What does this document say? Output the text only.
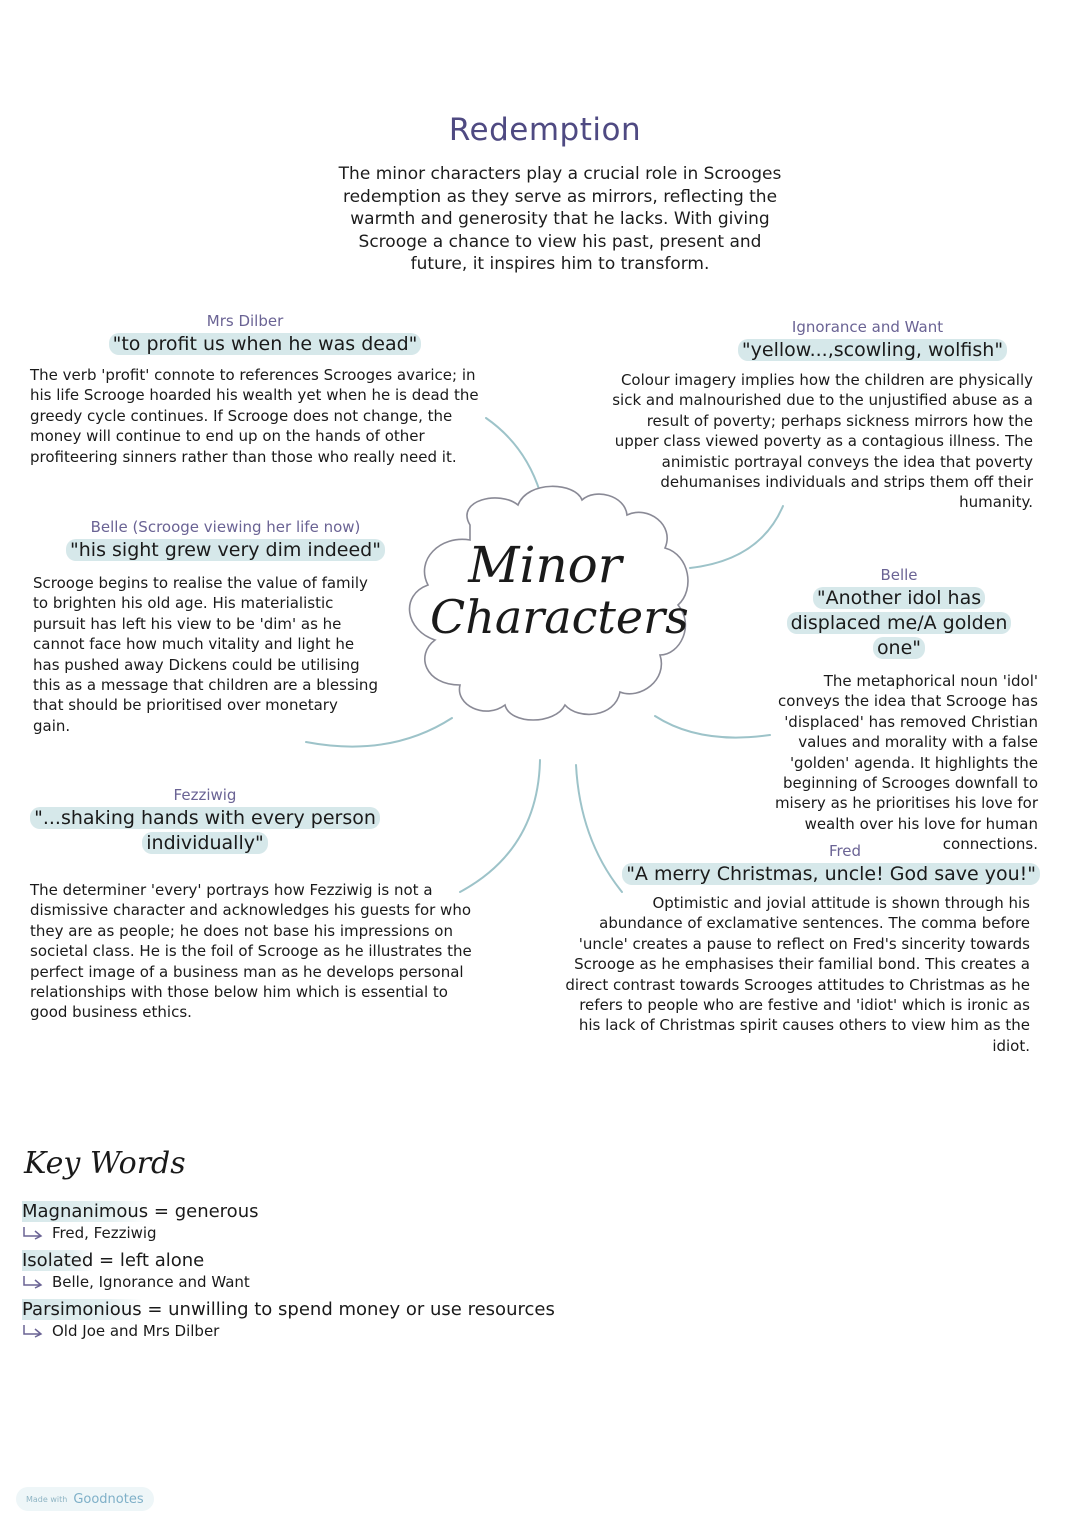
Redemption
The minor characters play a crucial role in Scrooges redemption as they serve as mirrors, reflecting the warmth and generosity that he lacks. With giving Scrooge a chance to view his past, present and future, it inspires him to transform.
Minor
Characters
Mrs Dilber
"to profit us when he was dead"
The verb 'profit' connote to references Scrooges avarice; in his life Scrooge hoarded his wealth yet when he is dead the greedy cycle continues. If Scrooge does not change, the money will continue to end up on the hands of other profiteering sinners rather than those who really need it.
Ignorance and Want
"yellow...,scowling, wolfish"
Colour imagery implies how the children are physically sick and malnourished due to the unjustified abuse as a result of poverty; perhaps sickness mirrors how the upper class viewed poverty as a contagious illness. The animistic portrayal conveys the idea that poverty dehumanises individuals and strips them off their humanity.
Belle (Scrooge viewing her life now)
"his sight grew very dim indeed"
Scrooge begins to realise the value of family to brighten his old age. His materialistic pursuit has left his view to be 'dim' as he cannot face how much vitality and light he has pushed away Dickens could be utilising this as a message that children are a blessing that should be prioritised over monetary gain.
Belle
"Another idol has displaced me/A golden one"
The metaphorical noun 'idol' conveys the idea that Scrooge has 'displaced' has removed Christian values and morality with a false 'golden' agenda. It highlights the beginning of Scrooges downfall to misery as he prioritises his love for wealth over his love for human connections.
Fezziwig
"...shaking hands with every person individually"
The determiner 'every' portrays how Fezziwig is not a dismissive character and acknowledges his guests for who they are as people; he does not base his impressions on societal class. He is the foil of Scrooge as he illustrates the perfect image of a business man as he develops personal relationships with those below him which is essential to good business ethics.
Fred
"A merry Christmas, uncle! God save you!"
Optimistic and jovial attitude is shown through his abundance of exclamative sentences. The comma before 'uncle' creates a pause to reflect on Fred's sincerity towards Scrooge as he emphasises their familial bond. This creates a direct contrast towards Scrooges attitudes to Christmas as he refers to people who are festive and 'idiot' which is ironic as his lack of Christmas spirit causes others to view him as the idiot.
Key Words
Magnanimous = generous
Fred, Fezziwig
Isolated = left alone
Belle, Ignorance and Want
Parsimonious = unwilling to spend money or use resources
Old Joe and Mrs Dilber
Made with Goodnotes
